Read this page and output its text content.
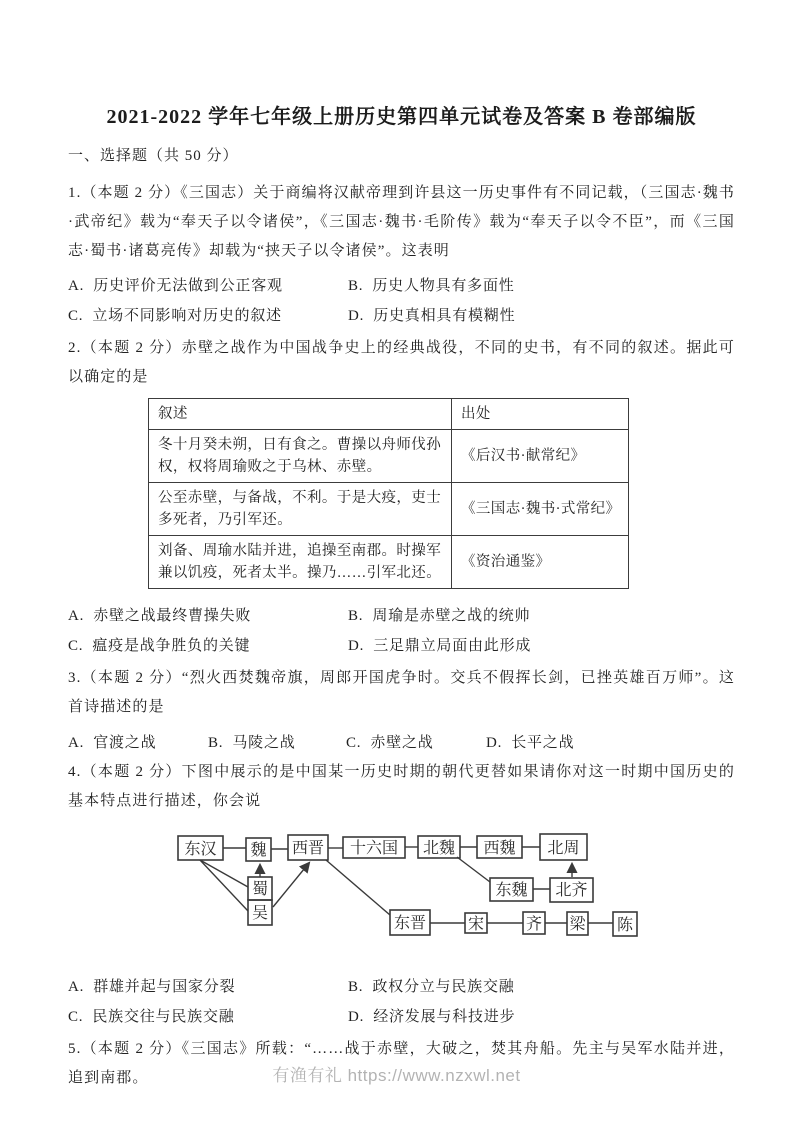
2021-2022 学年七年级上册历史第四单元试卷及答案 B 卷部编版
一、选择题（共 50 分）

1.（本题 2 分）《三国志）关于商编将汉献帝理到许县这一历史事件有不同记载，（三国志·魏书·武帝纪》载为“奉天子以令诸侯”，《三国志·魏书·毛阶传》载为“奉天子以令不臣”，而《三国志·蜀书·诸葛亮传》却载为“挟天子以令诸侯”。这表明

A. 历史评价无法做到公正客观	B. 历史人物具有多面性
C. 立场不同影响对历史的叙述	D. 历史真相具有模糊性

2.（本题 2 分）赤壁之战作为中国战争史上的经典战役，不同的史书，有不同的叙述。据此可以确定的是

叙述	出处
冬十月癸未朔，日有食之。曹操以舟师伐孙权，权将周瑜败之于乌林、赤壁。	《后汉书·献常纪》
公至赤壁，与备战，不利。于是大疫，吏士多死者，乃引军还。	《三国志·魏书·式常纪》
刘备、周瑜水陆并进，追操至南郡。时操军兼以饥疫，死者太半。操乃……引军北还。	《资治通鉴》
A. 赤壁之战最终曹操失败	B. 周瑜是赤壁之战的统帅
C. 瘟疫是战争胜负的关键	D. 三足鼎立局面由此形成

3.（本题 2 分）“烈火西焚魏帝旗，周郎开国虎争时。交兵不假挥长剑，已挫英雄百万师”。这首诗描述的是

A. 官渡之战	B. 马陵之战	C. 赤壁之战	D. 长平之战

4.（本题 2 分）下图中展示的是中国某一历史时期的朝代更替如果请你对这一时期中国历史的基本特点进行描述，你会说

东汉 魏 西晋 十六国 北魏 西魏 北周
蜀
吴
东魏 北齐
东晋	宋	齐 梁 陈
A. 群雄并起与国家分裂	B. 政权分立与民族交融
C. 民族交往与民族交融	D. 经济发展与科技进步

5.（本题 2 分）《三国志》所载：“……战于赤壁，大破之，焚其舟船。先主与吴军水陆并进，追到南郡。	有渔有礼 https://www.nzxwl.net
